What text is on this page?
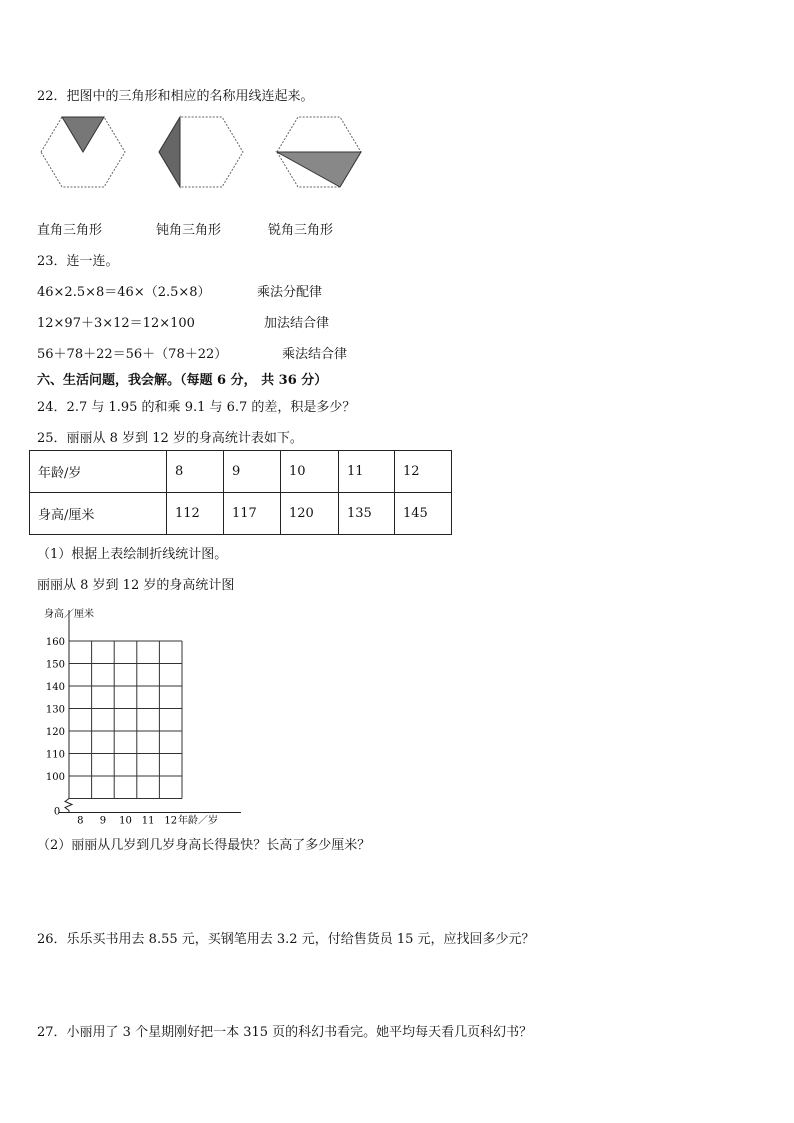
22．把图中的三角形和相应的名称用线连起来。
直角三角形	钝角三角形	锐角三角形
23．连一连。
46×2.5×8＝46×（2.5×8）	乘法分配律
12×97＋3×12＝12×100	加法结合律
56＋78＋22＝56＋（78＋22）	乘法结合律
六、生活问题，我会解。（每题 6 分， 共 36 分）
24．2.7 与 1.95 的和乘 9.1 与 6.7 的差，积是多少？
25．丽丽从 8 岁到 12 岁的身高统计表如下。
年龄/岁	8	9	10	11	12
身高/厘米	112	117	120	135	145
（1）根据上表绘制折线统计图。
丽丽从 8 岁到 12 岁的身高统计图
160
150
140
130
120
110
100
8 9 10 11 12
0
身高／厘米
年龄／岁
（2）丽丽从几岁到几岁身高长得最快？长高了多少厘米？
26．乐乐买书用去 8.55 元，买钢笔用去 3.2 元，付给售货员 15 元，应找回多少元？
27．小丽用了 3 个星期刚好把一本 315 页的科幻书看完。她平均每天看几页科幻书？
